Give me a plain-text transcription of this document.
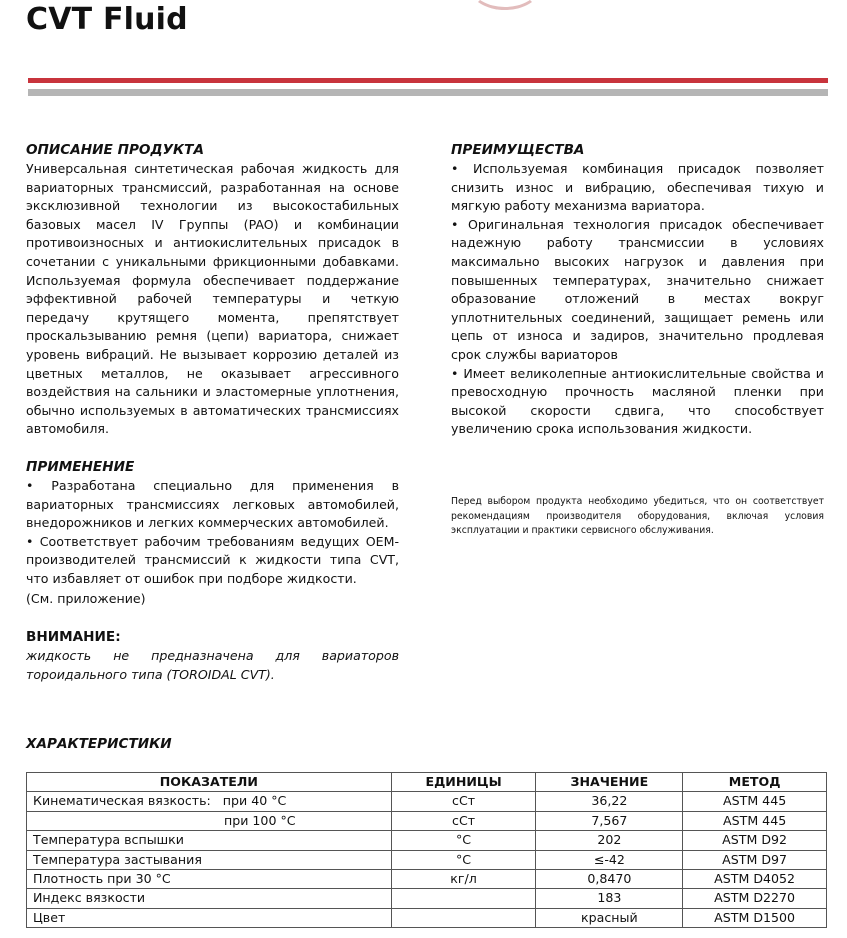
CVT Fluid
ОПИСАНИЕ ПРОДУКТА

Универсальная синтетическая рабочая жидкость для вариаторных трансмиссий, разработанная на основе эксклюзивной технологии из высокостабильных базовых масел IV Группы (PAO) и комбинации противоизносных и антиокислительных присадок в сочетании с уникальными фрикционными добавками. Используемая формула обеспечивает поддержание эффективной рабочей температуры и четкую передачу крутящего момента, препятствует проскальзыванию ремня (цепи) вариатора, снижает уровень вибраций. Не вызывает коррозию деталей из цветных металлов, не оказывает агрессивного воздействия на сальники и эластомерные уплотнения, обычно используемых в автоматических трансмиссиях автомобиля.

ПРИМЕНЕНИЕ

• Разработана специально для применения в вариаторных трансмиссиях легковых автомобилей, внедорожников и легких коммерческих автомобилей.

• Соответствует рабочим требованиям ведущих OEM-производителей трансмиссий к жидкости типа CVT, что избавляет от ошибок при подборе жидкости.

(См. приложение)

ВНИМАНИЕ:

жидкость не предназначена для вариаторов тороидального типа (TOROIDAL CVT).

ПРЕИМУЩЕСТВА

• Используемая комбинация присадок позволяет снизить износ и вибрацию, обеспечивая тихую и мягкую работу механизма вариатора.

• Оригинальная технология присадок обеспечивает надежную работу трансмиссии в условиях максимально высоких нагрузок и давления при повышенных температурах, значительно снижает образование отложений в местах вокруг уплотнительных соединений, защищает ремень или цепь от износа и задиров, значительно продлевая срок службы вариаторов

• Имеет великолепные антиокислительные свойства и превосходную прочность масляной пленки при высокой скорости сдвига, что способствует увеличению срока использования жидкости.

Перед выбором продукта необходимо убедиться, что он соответствует рекомендациям производителя оборудования, включая условия эксплуатации и практики сервисного обслуживания.
ХАРАКТЕРИСТИКИ
ПОКАЗАТЕЛИ	ЕДИНИЦЫ	ЗНАЧЕНИЕ	МЕТОД
Кинематическая вязкость:   при 40 °С	сСт	36,22	ASTM 445
при 100 °С	сСт	7,567	ASTM 445
Температура вспышки	°С	202	ASTM D92
Температура застывания	°С	≤-42	ASTM D97
Плотность при 30 °С	кг/л	0,8470	ASTM D4052
Индекс вязкости		183	ASTM D2270
Цвет		красный	ASTM D1500
